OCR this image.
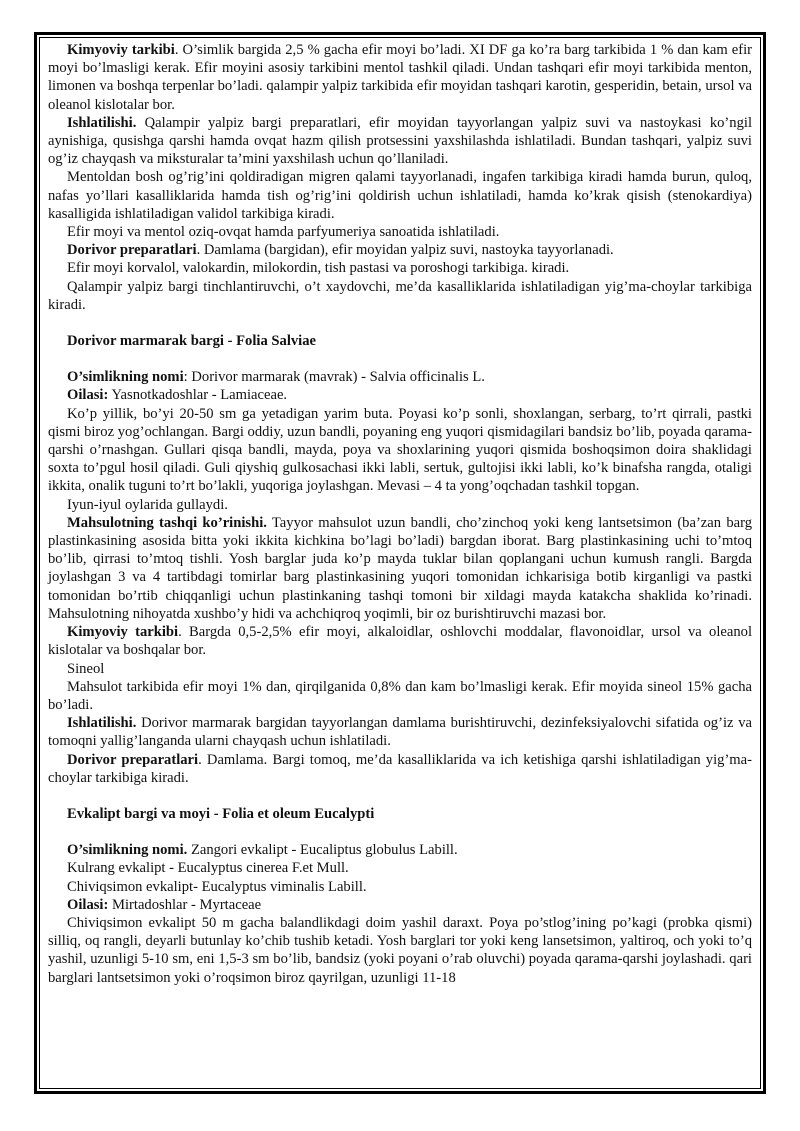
Kimyoviy tarkibi. O’simlik bargida 2,5 % gacha efir moyi bo’ladi. XI DF ga ko’ra barg tarkibida 1 % dan kam efir moyi bo’lmasligi kerak. Efir moyini asosiy tarkibini mentol tashkil qiladi. Undan tashqari efir moyi tarkibida menton, limonen va boshqa terpenlar bo’ladi. qalampir yalpiz tarkibida efir moyidan tashqari karotin, gesperidin, betain, ursol va oleanol kislotalar bor.

Ishlatilishi. Qalampir yalpiz bargi preparatlari, efir moyidan tayyorlangan yalpiz suvi va nastoykasi ko’ngil aynishiga, qusishga qarshi hamda ovqat hazm qilish protsessini yaxshilashda ishlatiladi. Bundan tashqari, yalpiz suvi og’iz chayqash va miksturalar ta’mini yaxshilash uchun qo’llaniladi.

Mentoldan bosh og’rig’ini qoldiradigan migren qalami tayyorlanadi, ingafen tarkibiga kiradi hamda burun, quloq, nafas yo’llari kasalliklarida hamda tish og’rig’ini qoldirish uchun ishlatiladi, hamda ko’krak qisish (stenokardiya) kasalligida ishlatiladigan validol tarkibiga kiradi.

Efir moyi va mentol oziq-ovqat hamda parfyumeriya sanoatida ishlatiladi.

Dorivor preparatlari. Damlama (bargidan), efir moyidan yalpiz suvi, nastoyka tayyorlanadi.

Efir moyi korvalol, valokardin, milokordin, tish pastasi va poroshogi tarkibiga. kiradi.

Qalampir yalpiz bargi tinchlantiruvchi, o’t xaydovchi, me’da kasalliklarida ishlatiladigan yig’ma-choylar tarkibiga kiradi.

Dorivor marmarak bargi - Folia Salviae

O’simlikning nomi: Dorivor marmarak (mavrak) - Salvia officinalis L.

Oilasi: Yasnotkadoshlar - Lamiaceae.

Ko’p yillik, bo’yi 20-50 sm ga yetadigan yarim buta. Poyasi ko’p sonli, shoxlangan, serbarg, to’rt qirrali, pastki qismi biroz yog’ochlangan. Bargi oddiy, uzun bandli, poyaning eng yuqori qismidagilari bandsiz bo’lib, poyada qarama-qarshi o’rnashgan. Gullari qisqa bandli, mayda, poya va shoxlarining yuqori qismida boshoqsimon doira shaklidagi soxta to’pgul hosil qiladi. Guli qiyshiq gulkosachasi ikki labli, sertuk, gultojisi ikki labli, ko’k binafsha rangda, otaligi ikkita, onalik tuguni to’rt bo’lakli, yuqoriga joylashgan. Mevasi – 4 ta yong’oqchadan tashkil topgan.

Iyun-iyul oylarida gullaydi.

Mahsulotning tashqi ko’rinishi. Tayyor mahsulot uzun bandli, cho’zinchoq yoki keng lantsetsimon (ba’zan barg plastinkasining asosida bitta yoki ikkita kichkina bo’lagi bo’ladi) bargdan iborat. Barg plastinkasining uchi to’mtoq bo’lib, qirrasi to’mtoq tishli. Yosh barglar juda ko’p mayda tuklar bilan qoplangani uchun kumush rangli. Bargda joylashgan 3 va 4 tartibdagi tomirlar barg plastinkasining yuqori tomonidan ichkarisiga botib kirganligi va pastki tomonidan bo’rtib chiqqanligi uchun plastinkaning tashqi tomoni bir xildagi mayda katakcha shaklida ko’rinadi. Mahsulotning nihoyatda xushbo’y hidi va achchiqroq yoqimli, bir oz burishtiruvchi mazasi bor.

Kimyoviy tarkibi. Bargda 0,5-2,5% efir moyi, alkaloidlar, oshlovchi moddalar, flavonoidlar, ursol va oleanol kislotalar va boshqalar bor.

Sineol

Mahsulot tarkibida efir moyi 1% dan, qirqilganida 0,8% dan kam bo’lmasligi kerak. Efir moyida sineol 15% gacha bo’ladi.

Ishlatilishi. Dorivor marmarak bargidan tayyorlangan damlama burishtiruvchi, dezinfeksiyalovchi sifatida og’iz va tomoqni yallig’langanda ularni chayqash uchun ishlatiladi.

Dorivor preparatlari. Damlama. Bargi tomoq, me’da kasalliklarida va ich ketishiga qarshi ishlatiladigan yig’ma-choylar tarkibiga kiradi.

Evkalipt bargi va moyi - Folia et oleum Eucalypti

O’simlikning nomi. Zangori evkalipt - Eucaliptus globulus Labill.

Kulrang evkalipt - Eucalyptus cinerea F.et Mull.

Chiviqsimon evkalipt- Eucalyptus viminalis Labill.

Oilasi: Mirtadoshlar - Myrtaceae

Chiviqsimon evkalipt 50 m gacha balandlikdagi doim yashil daraxt. Poya po’stlog’ining po’kagi (probka qismi) silliq, oq rangli, deyarli butunlay ko’chib tushib ketadi. Yosh barglari tor yoki keng lansetsimon, yaltiroq, och yoki to’q yashil, uzunligi 5-10 sm, eni 1,5-3 sm bo’lib, bandsiz (yoki poyani o’rab oluvchi) poyada qarama-qarshi joylashadi. qari barglari lantsetsimon yoki o’roqsimon biroz qayrilgan, uzunligi 11-18
